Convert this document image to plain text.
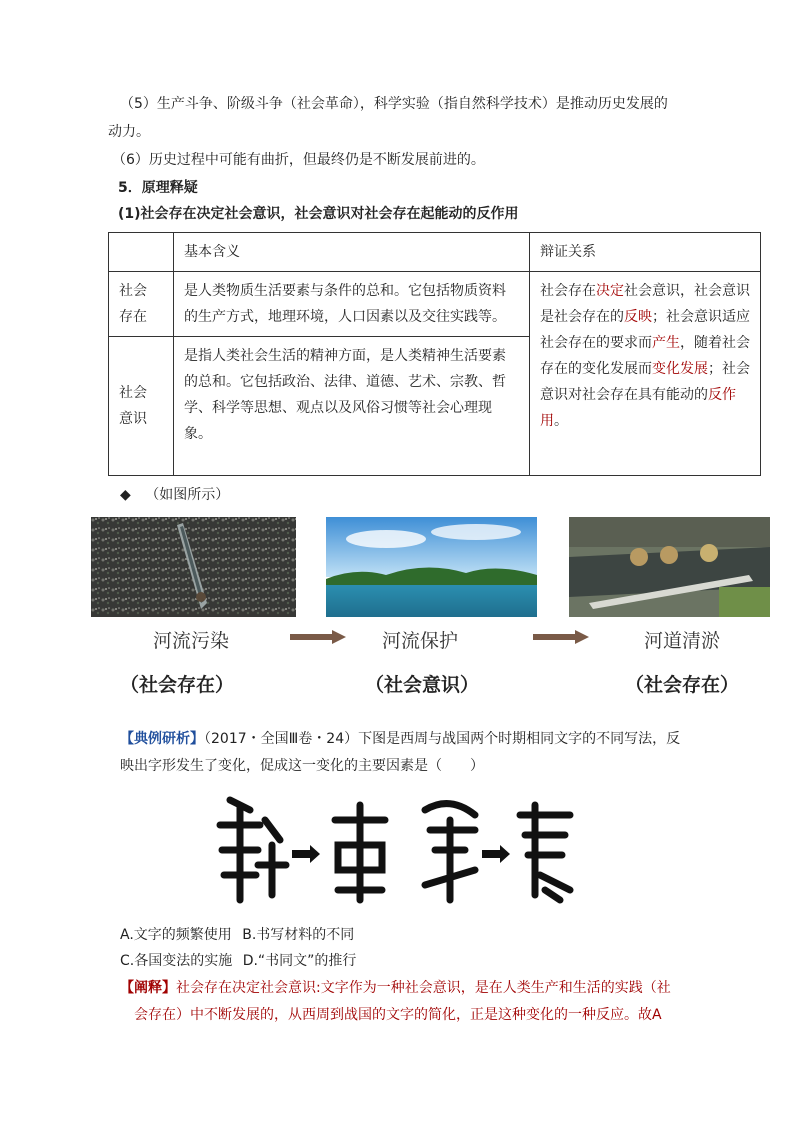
（5）生产斗争、阶级斗争（社会革命），科学实验（指自然科学技术）是推动历史发展的
动力。
（6）历史过程中可能有曲折，但最终仍是不断发展前进的。
5．原理释疑
(1)社会存在决定社会意识，社会意识对社会存在起能动的反作用
	基本含义	辩证关系
社会
存在	是人类物质生活要素与条件的总和。它包括物质资料的生产方式，地理环境，人口因素以及交往实践等。	社会存在决定社会意识，社会意识是社会存在的反映；社会意识适应社会存在的要求而产生，随着社会存在的变化发展而变化发展；社会意识对社会存在具有能动的反作用。
社会
意识	是指人类社会生活的精神方面，是人类精神生活要素的总和。它包括政治、法律、道德、艺术、宗教、哲学、科学等思想、观点以及风俗习惯等社会心理现象。	
◆ （如图所示）
河流污染	河流保护	河道清淤
（社会存在）	（社会意识）	（社会存在）
【典例研析】（2017・全国Ⅲ卷・24）下图是西周与战国两个时期相同文字的不同写法，反
映出字形发生了变化，促成这一变化的主要因素是（　　）
A.文字的频繁使用 B.书写材料的不同
C.各国变法的实施 D.“书同文”的推行
【阐释】社会存在决定社会意识:文字作为一种社会意识，是在人类生产和生活的实践（社
会存在）中不断发展的，从西周到战国的文字的简化，正是这种变化的一种反应。故A
